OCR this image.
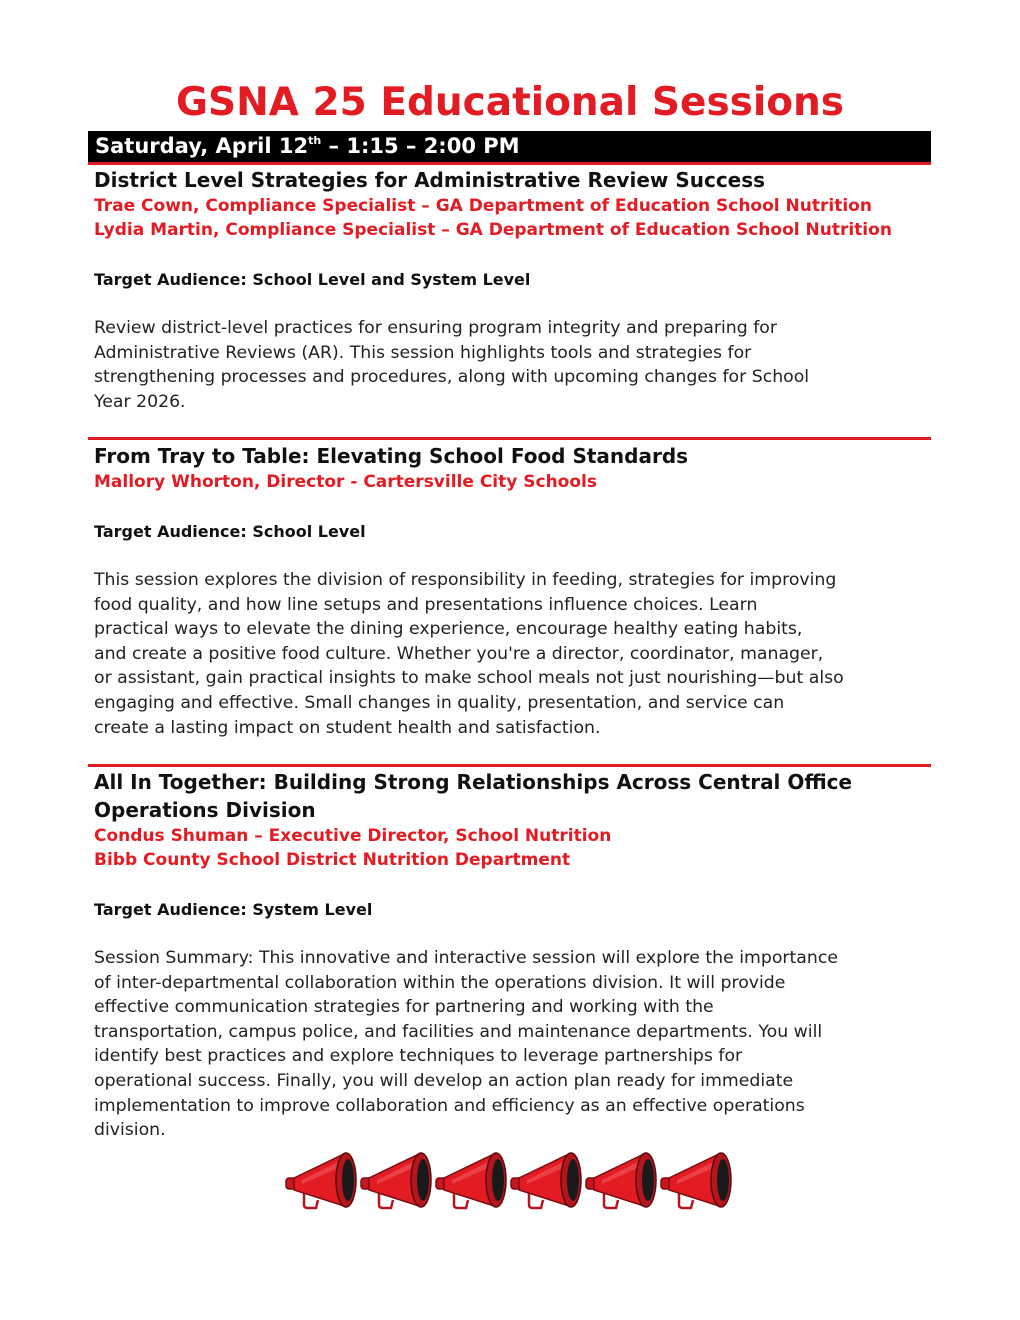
GSNA 25 Educational Sessions
Saturday, April 12th – 1:15 – 2:00 PM
District Level Strategies for Administrative Review Success
Trae Cown, Compliance Specialist – GA Department of Education School Nutrition
Lydia Martin, Compliance Specialist – GA Department of Education School Nutrition
Target Audience: School Level and System Level
Review district-level practices for ensuring program integrity and preparing for
Administrative Reviews (AR). This session highlights tools and strategies for
strengthening processes and procedures, along with upcoming changes for School
Year 2026.
From Tray to Table: Elevating School Food Standards
Mallory Whorton, Director - Cartersville City Schools
Target Audience: School Level
This session explores the division of responsibility in feeding, strategies for improving
food quality, and how line setups and presentations influence choices. Learn
practical ways to elevate the dining experience, encourage healthy eating habits,
and create a positive food culture. Whether you're a director, coordinator, manager,
or assistant, gain practical insights to make school meals not just nourishing—but also
engaging and effective. Small changes in quality, presentation, and service can
create a lasting impact on student health and satisfaction.
All In Together: Building Strong Relationships Across Central Office
Operations Division
Condus Shuman – Executive Director, School Nutrition
Bibb County School District Nutrition Department
Target Audience: System Level
Session Summary: This innovative and interactive session will explore the importance
of inter-departmental collaboration within the operations division. It will provide
effective communication strategies for partnering and working with the
transportation, campus police, and facilities and maintenance departments. You will
identify best practices and explore techniques to leverage partnerships for
operational success. Finally, you will develop an action plan ready for immediate
implementation to improve collaboration and efficiency as an effective operations
division.
